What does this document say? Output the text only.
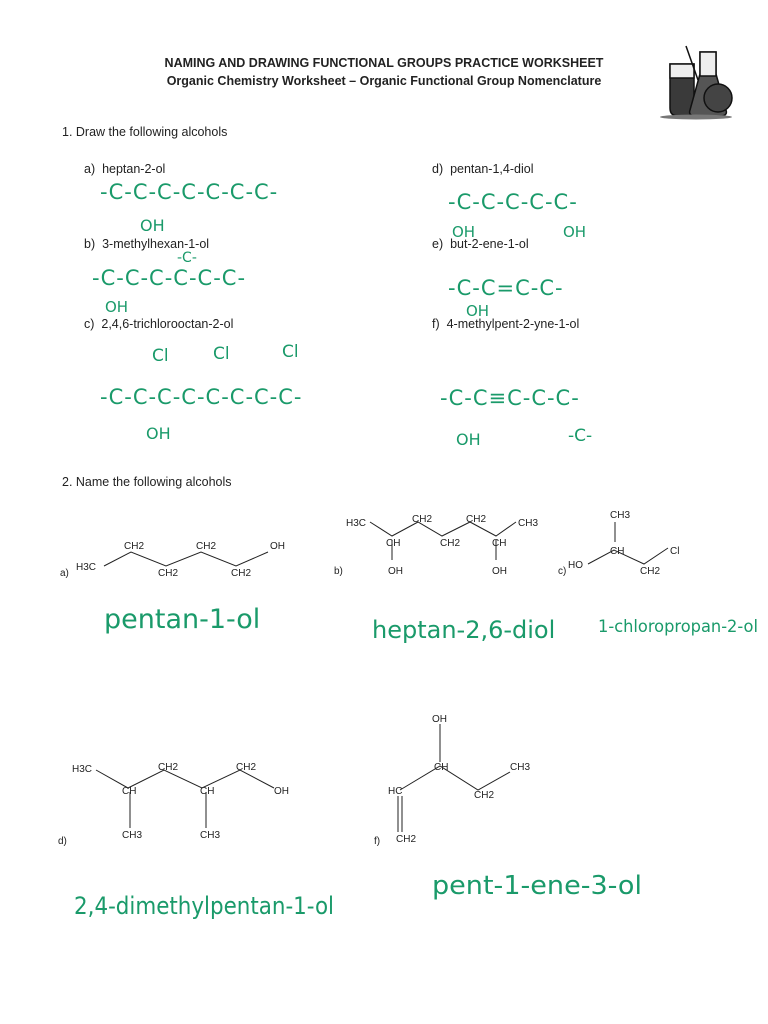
NAMING AND DRAWING FUNCTIONAL GROUPS PRACTICE WORKSHEET
Organic Chemistry Worksheet – Organic Functional Group Nomenclature
1. Draw the following alcohols
a) heptan-2-ol
b) 3-methylhexan-1-ol
c) 2,4,6-trichlorooctan-2-ol
d) pentan-1,4-diol
e) but-2-ene-1-ol
f) 4-methylpent-2-yne-1-ol
-C-C-C-C-C-C-C-
OH
-C-
-C-C-C-C-C-C-
OH
Cl	Cl	Cl
-C-C-C-C-C-C-C-C-
OH
-C-C-C-C-C-
OH	OH
-C-C=C-C-
OH
-C-C≡C-C-C-
OH	-C-
2. Name the following alcohols
a)
H3C
CH2
CH2
CH2
CH2
OH
b)
H3C
CH
CH2
CH2
CH2
CH
CH3
OH	OH
CH3
CH
CH2
Cl
HO
c)
pentan-1-ol	heptan-2,6-diol	1-chloropropan-2-ol
H3C
CH
CH2
CH
CH2
OH
CH3	CH3
d)
OH
CH	CH3
CH2
HC
CH2
f)
2,4-dimethylpentan-1-ol
pent-1-ene-3-ol
